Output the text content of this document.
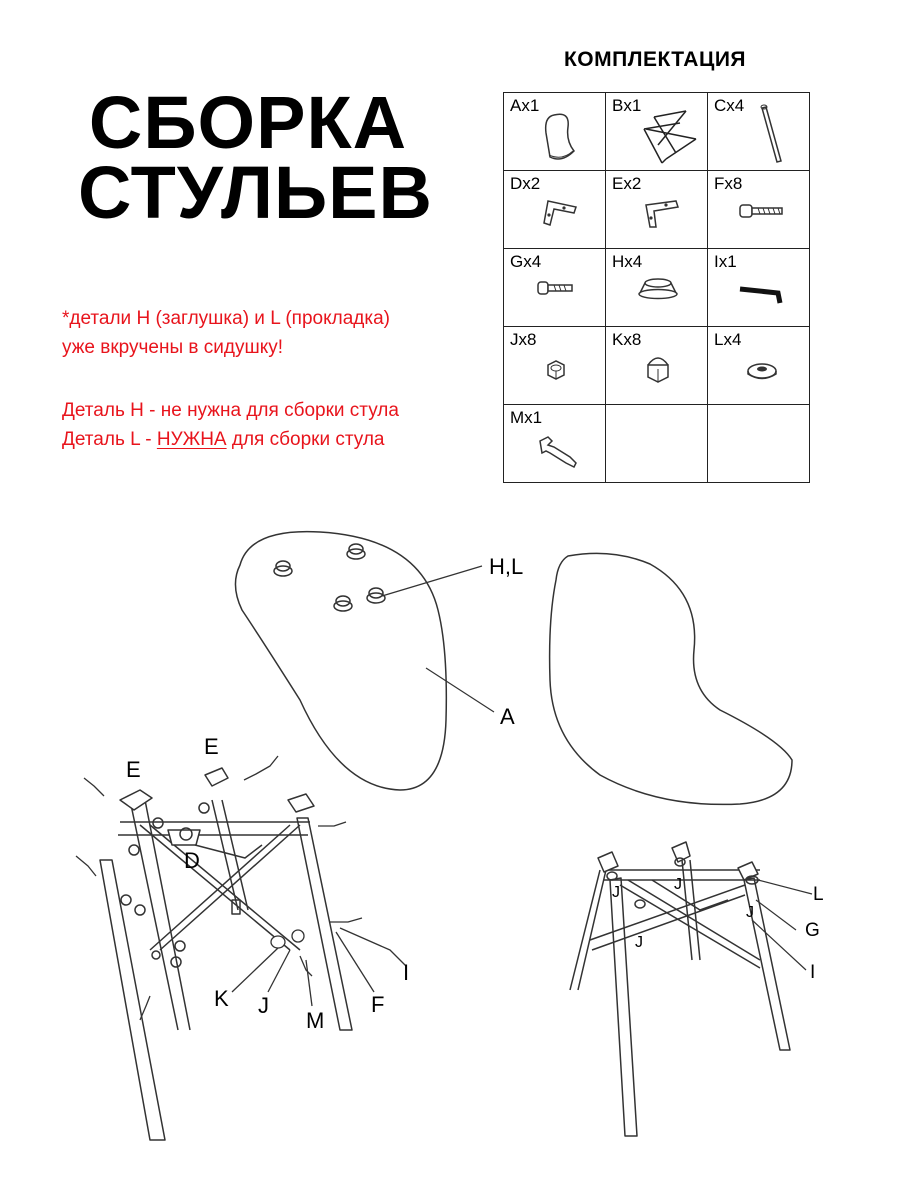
СБОРКА
СТУЛЬЕВ

*детали H (заглушка) и L (прокладка)

уже вкручены в сидушку!

Деталь H - не нужна для сборки стула

Деталь L - НУЖНА для сборки стула

КОМПЛЕКТАЦИЯ
Ax1	Bx1	Cx4

Dx2	Ex2	Fx8

Gx4	Hx4	Ix1

Jx8	Kx8	Lx4

Mx1		

H,L
A
E
E
D
K J
M
F
I
L
G
I
J
J
J
J
